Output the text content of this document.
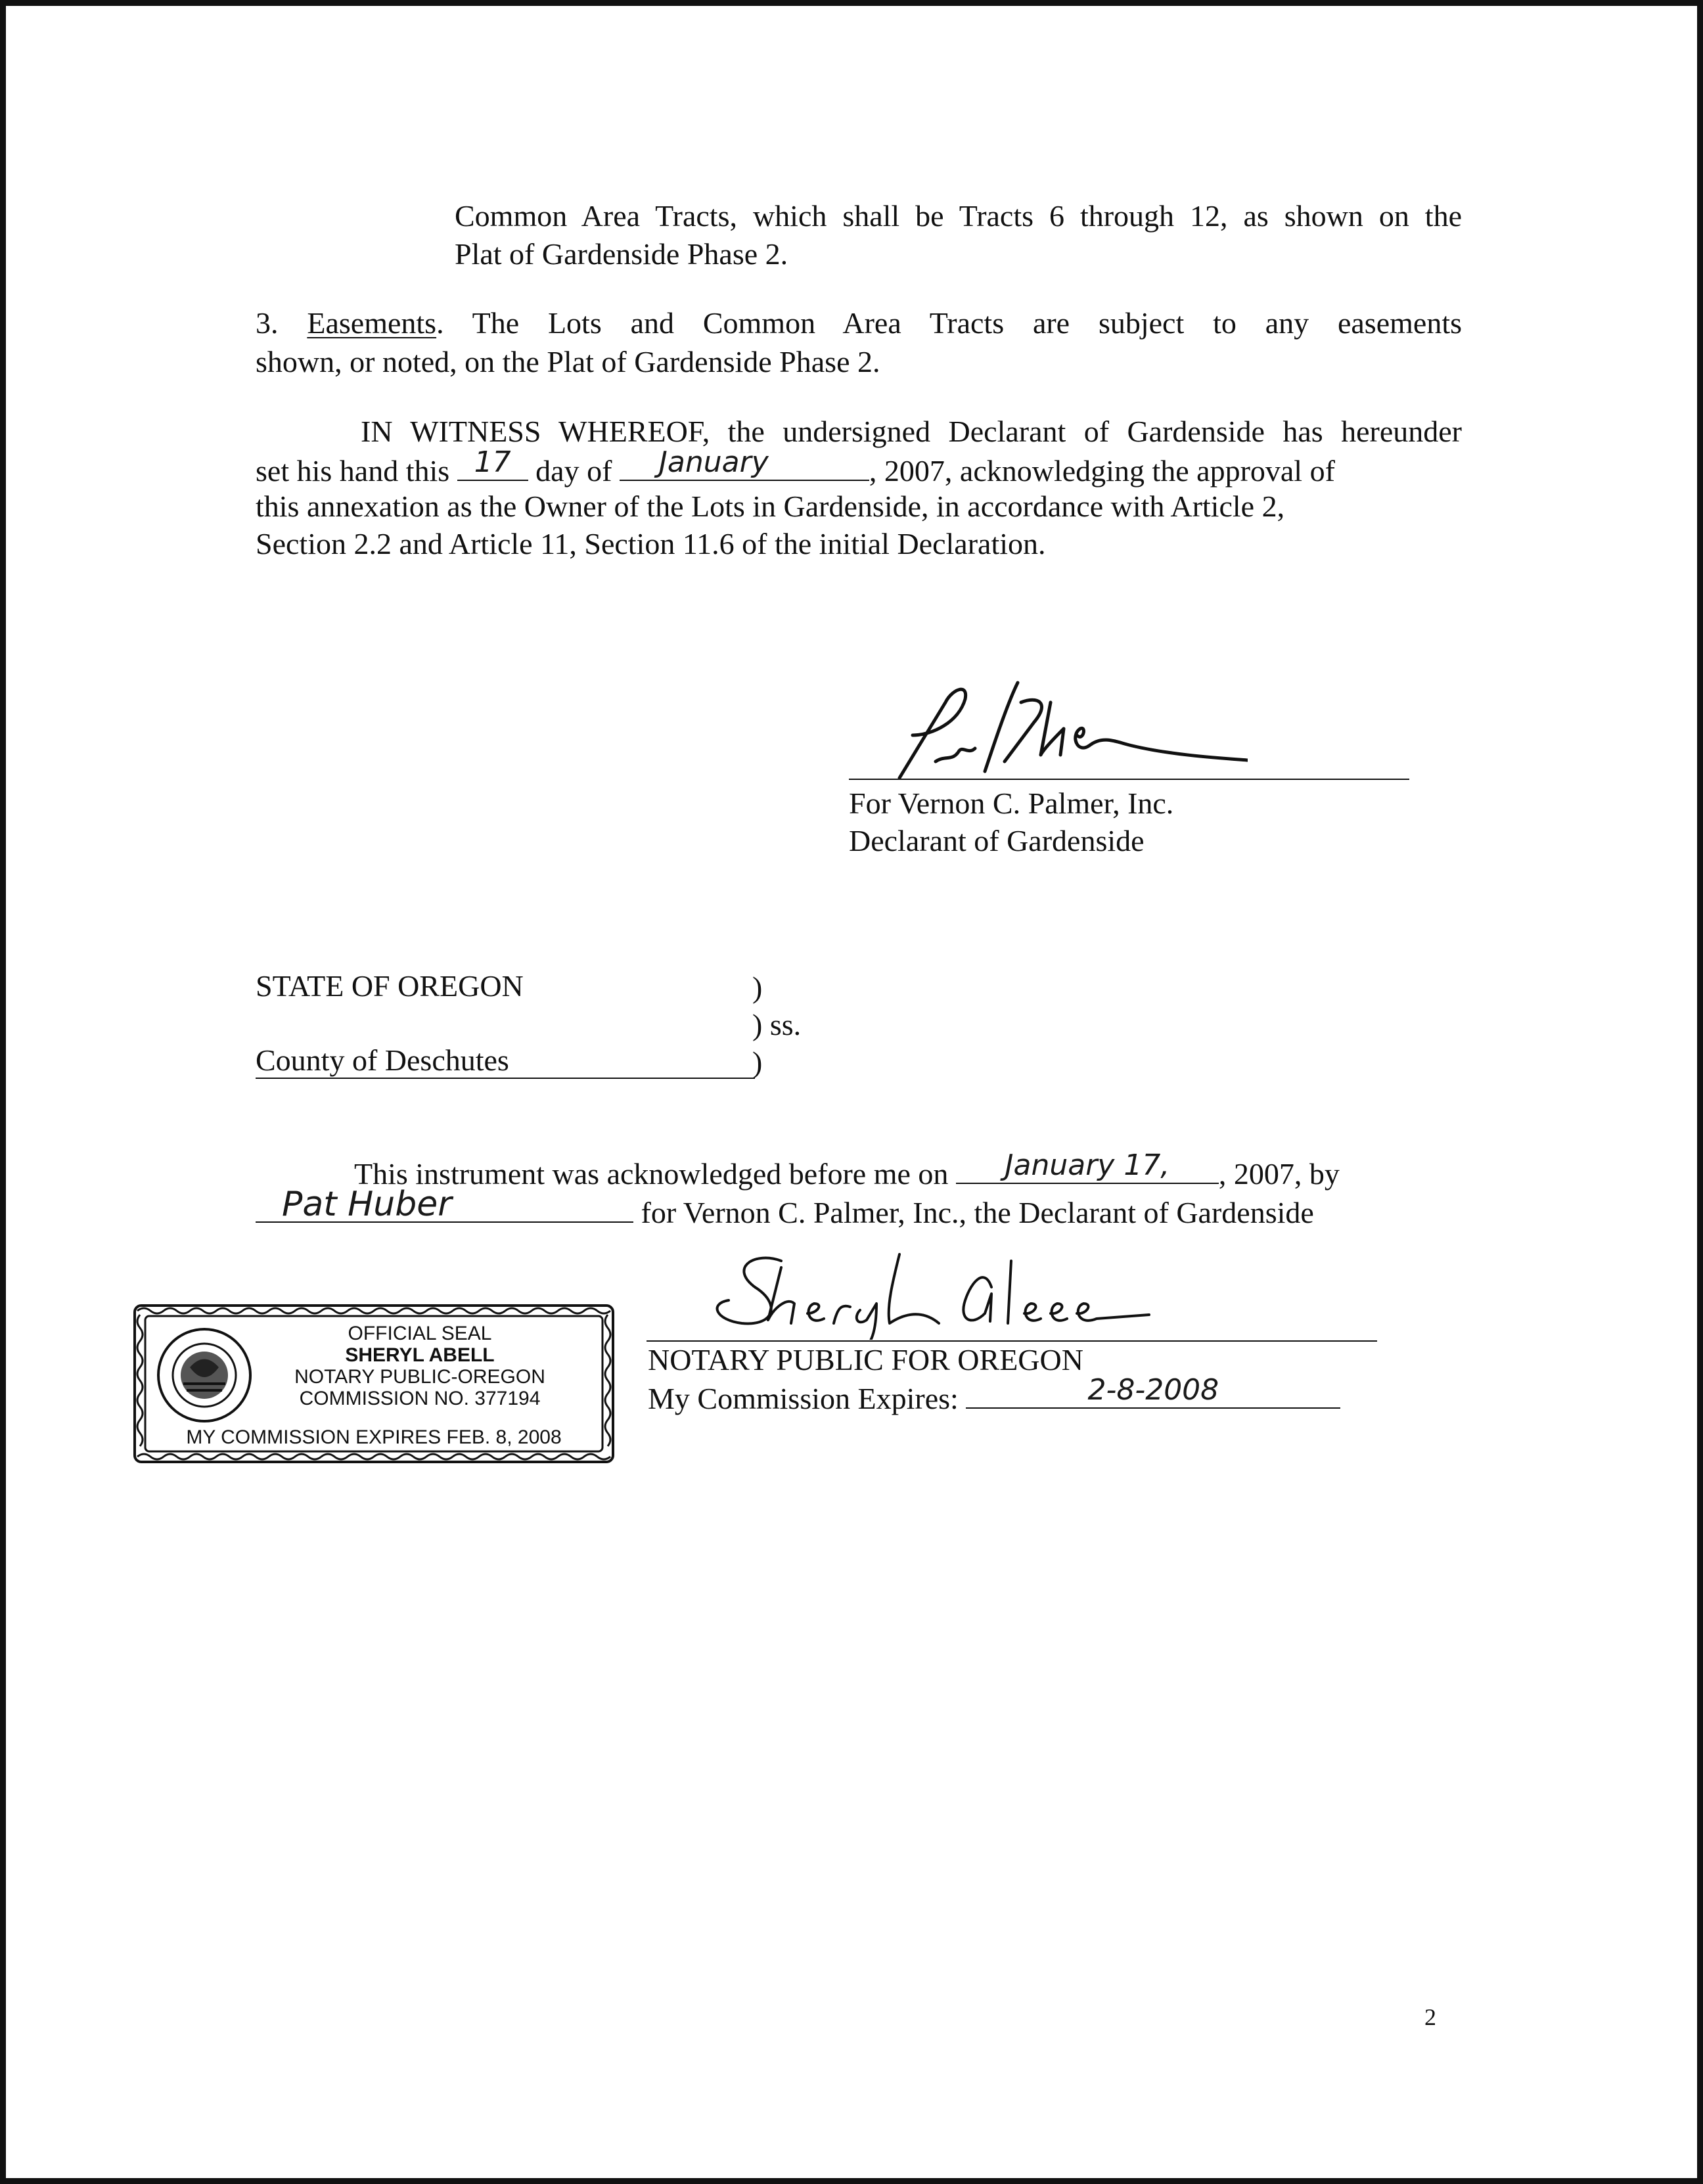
Common Area Tracts, which shall be Tracts 6 through 12, as shown on the
Plat of Gardenside Phase 2.
3. Easements. The Lots and Common Area Tracts are subject to any easements
shown, or noted, on the Plat of Gardenside Phase 2.
IN WITNESS WHEREOF, the undersigned Declarant of Gardenside has hereunder
set his hand this 17 day of	January	, 2007, acknowledging the approval of
this annexation as the Owner of the Lots in Gardenside, in accordance with Article 2,
Section 2.2 and Article 11, Section 11.6 of the initial Declaration.
For Vernon C. Palmer, Inc.
Declarant of Gardenside
STATE OF OREGON	)
) ss.
County of Deschutes	)
This instrument was acknowledged before me on	January 17,	, 2007, by
Pat Huber	for Vernon C. Palmer, Inc., the Declarant of Gardenside
NOTARY PUBLIC FOR OREGON
My Commission Expires:	2-8-2008
OFFICIAL SEAL
SHERYL ABELL
NOTARY PUBLIC-OREGON
COMMISSION NO. 377194
MY COMMISSION EXPIRES FEB. 8, 2008
2
